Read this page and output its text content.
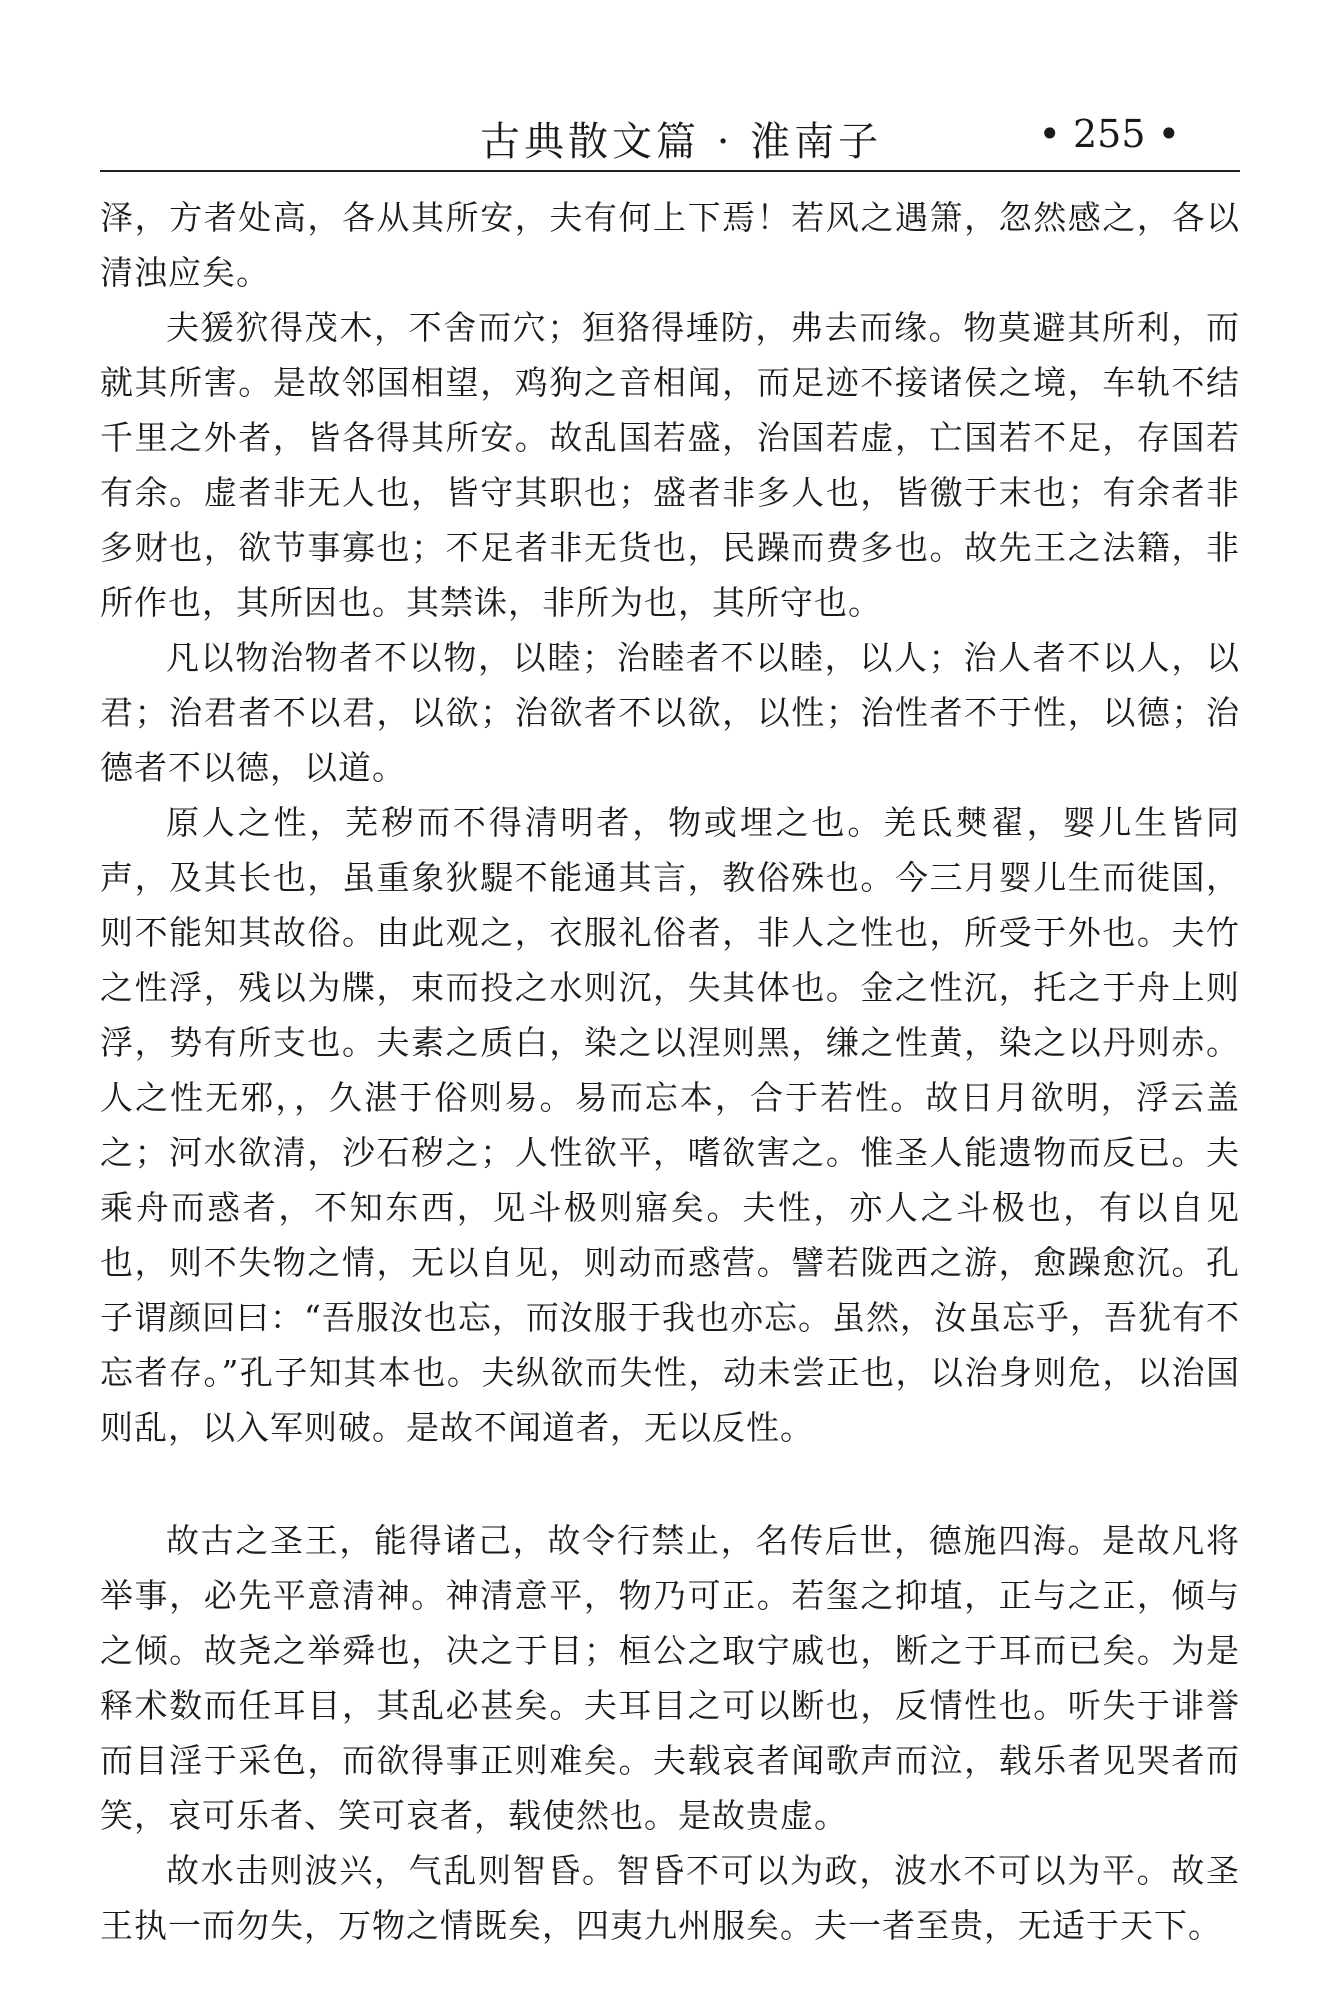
古典散文篇 · 淮南子	• 255 •

泽，方者处高，各从其所安，夫有何上下焉！若风之遇箫，忽然感之，各以清浊应矣。

夫猨狖得茂木，不舍而穴；狟狢得埵防，弗去而缘。物莫避其所利，而就其所害。是故邻国相望，鸡狗之音相闻，而足迹不接诸侯之境，车轨不结千里之外者，皆各得其所安。故乱国若盛，治国若虚，亡国若不足，存国若有余。虚者非无人也，皆守其职也；盛者非多人也，皆徼于末也；有余者非多财也，欲节事寡也；不足者非无货也，民躁而费多也。故先王之法籍，非所作也，其所因也。其禁诛，非所为也，其所守也。

凡以物治物者不以物，以睦；治睦者不以睦，以人；治人者不以人，以君；治君者不以君，以欲；治欲者不以欲，以性；治性者不于性，以德；治德者不以德，以道。

原人之性，芜秽而不得清明者，物或埋之也。羌氐僰翟，婴儿生皆同声，及其长也，虽重象狄騠不能通其言，教俗殊也。今三月婴儿生而徙国，则不能知其故俗。由此观之，衣服礼俗者，非人之性也，所受于外也。夫竹之性浮，残以为牒，束而投之水则沉，失其体也。金之性沉，托之于舟上则浮，势有所支也。夫素之质白，染之以涅则黑，缣之性黄，染之以丹则赤。人之性无邪，，久湛于俗则易。易而忘本，合于若性。故日月欲明，浮云盖之；河水欲清，沙石秽之；人性欲平，嗜欲害之。惟圣人能遗物而反已。夫乘舟而惑者，不知东西，见斗极则寤矣。夫性，亦人之斗极也，有以自见也，则不失物之情，无以自见，则动而惑营。譬若陇西之游，愈躁愈沉。孔子谓颜回曰：“吾服汝也忘，而汝服于我也亦忘。虽然，汝虽忘乎，吾犹有不忘者存。”孔子知其本也。夫纵欲而失性，动未尝正也，以治身则危，以治国则乱，以入军则破。是故不闻道者，无以反性。

故古之圣王，能得诸己，故令行禁止，名传后世，德施四海。是故凡将举事，必先平意清神。神清意平，物乃可正。若玺之抑埴，正与之正，倾与之倾。故尧之举舜也，决之于目；桓公之取宁戚也，断之于耳而已矣。为是释术数而任耳目，其乱必甚矣。夫耳目之可以断也，反情性也。听失于诽誉而目淫于采色，而欲得事正则难矣。夫载哀者闻歌声而泣，载乐者见哭者而笑，哀可乐者、笑可哀者，载使然也。是故贵虚。

故水击则波兴，气乱则智昏。智昏不可以为政，波水不可以为平。故圣王执一而勿失，万物之情既矣，四夷九州服矣。夫一者至贵，无适于天下。
